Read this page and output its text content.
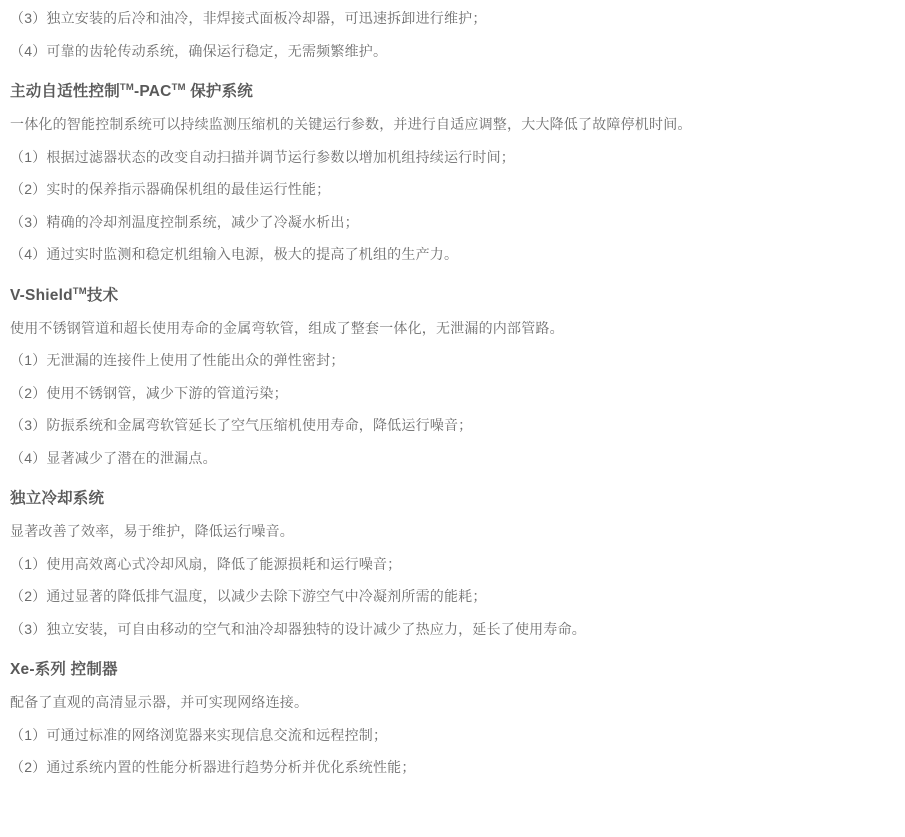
（3）独立安装的后冷和油冷，非焊接式面板冷却器，可迅速拆卸进行维护；

（4）可靠的齿轮传动系统，确保运行稳定，无需频繁维护。

主动自适性控制™-PAC™ 保护系统

一体化的智能控制系统可以持续监测压缩机的关键运行参数，并进行自适应调整，大大降低了故障停机时间。

（1）根据过滤器状态的改变自动扫描并调节运行参数以增加机组持续运行时间；

（2）实时的保养指示器确保机组的最佳运行性能；

（3）精确的冷却剂温度控制系统，减少了冷凝水析出；

（4）通过实时监测和稳定机组输入电源，极大的提高了机组的生产力。

V-Shield™技术

使用不锈钢管道和超长使用寿命的金属弯软管，组成了整套一体化，无泄漏的内部管路。

（1）无泄漏的连接件上使用了性能出众的弹性密封；

（2）使用不锈钢管，减少下游的管道污染；

（3）防振系统和金属弯软管延长了空气压缩机使用寿命，降低运行噪音；

（4）显著减少了潜在的泄漏点。

独立冷却系统

显著改善了效率，易于维护，降低运行噪音。

（1）使用高效离心式冷却风扇，降低了能源损耗和运行噪音；

（2）通过显著的降低排气温度，以减少去除下游空气中冷凝剂所需的能耗；

（3）独立安装，可自由移动的空气和油冷却器独特的设计减少了热应力，延长了使用寿命。

Xe-系列 控制器

配备了直观的高清显示器，并可实现网络连接。

（1）可通过标准的网络浏览器来实现信息交流和远程控制；

（2）通过系统内置的性能分析器进行趋势分析并优化系统性能；
